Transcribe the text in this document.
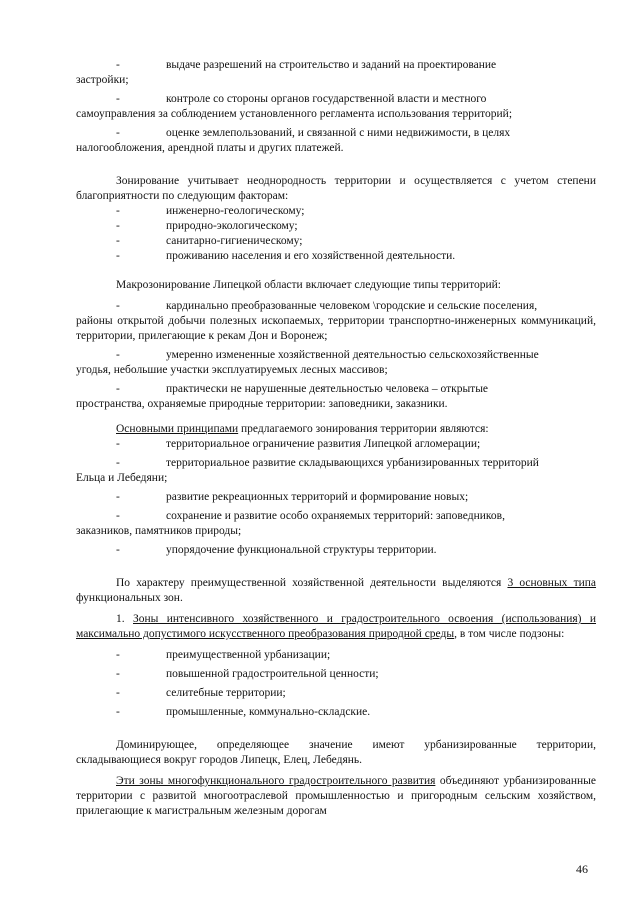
-	выдаче разрешений на строительство и заданий на проектирование

застройки;

-	контроле со стороны органов государственной власти и местного

самоуправления за соблюдением установленного регламента использования территорий;

-	оценке землепользований, и связанной с ними недвижимости, в целях

налогообложения, арендной платы и других платежей.

Зонирование учитывает неоднородность территории и осуществляется с учетом степени благоприятности по следующим факторам:

-	инженерно-геологическому;
-	природно-экологическому;
-	санитарно-гигиеническому;
-	проживанию населения и его хозяйственной деятельности.

Макрозонирование Липецкой области включает следующие типы территорий:

-	кардинально преобразованные человеком \городские и сельские поселения,

районы открытой добычи полезных ископаемых, территории транспортно-инженерных коммуникаций, территории, прилегающие к рекам Дон и Воронеж;

-	умеренно измененные хозяйственной деятельностью сельскохозяйственные

угодья, небольшие участки эксплуатируемых лесных массивов;

-	практически не нарушенные деятельностью человека – открытые

пространства, охраняемые природные территории: заповедники, заказники.

Основными принципами предлагаемого зонирования территории являются:

-	территориальное ограничение развития Липецкой агломерации;
-	территориальное развитие складывающихся урбанизированных территорий

Ельца и Лебедяни;

-	развитие рекреационных территорий и формирование новых;
-	сохранение и развитие особо охраняемых территорий: заповедников,

заказников, памятников природы;

-	упорядочение функциональной структуры территории.

По характеру преимущественной хозяйственной деятельности выделяются 3 основных типа функциональных зон.

1. Зоны интенсивного хозяйственного и градостроительного освоения (использования) и максимально допустимого искусственного преобразования природной среды, в том числе подзоны:

-	преимущественной урбанизации;
-	повышенной градостроительной ценности;
-	селитебные территории;
-	промышленные, коммунально-складские.

Доминирующее, определяющее значение имеют урбанизированные территории, складывающиеся вокруг городов Липецк, Елец, Лебедянь.

Эти зоны многофункционального градостроительного развития объединяют урбанизированные территории с развитой многоотраслевой промышленностью и пригородным сельским хозяйством, прилегающие к магистральным железным дорогам

46
